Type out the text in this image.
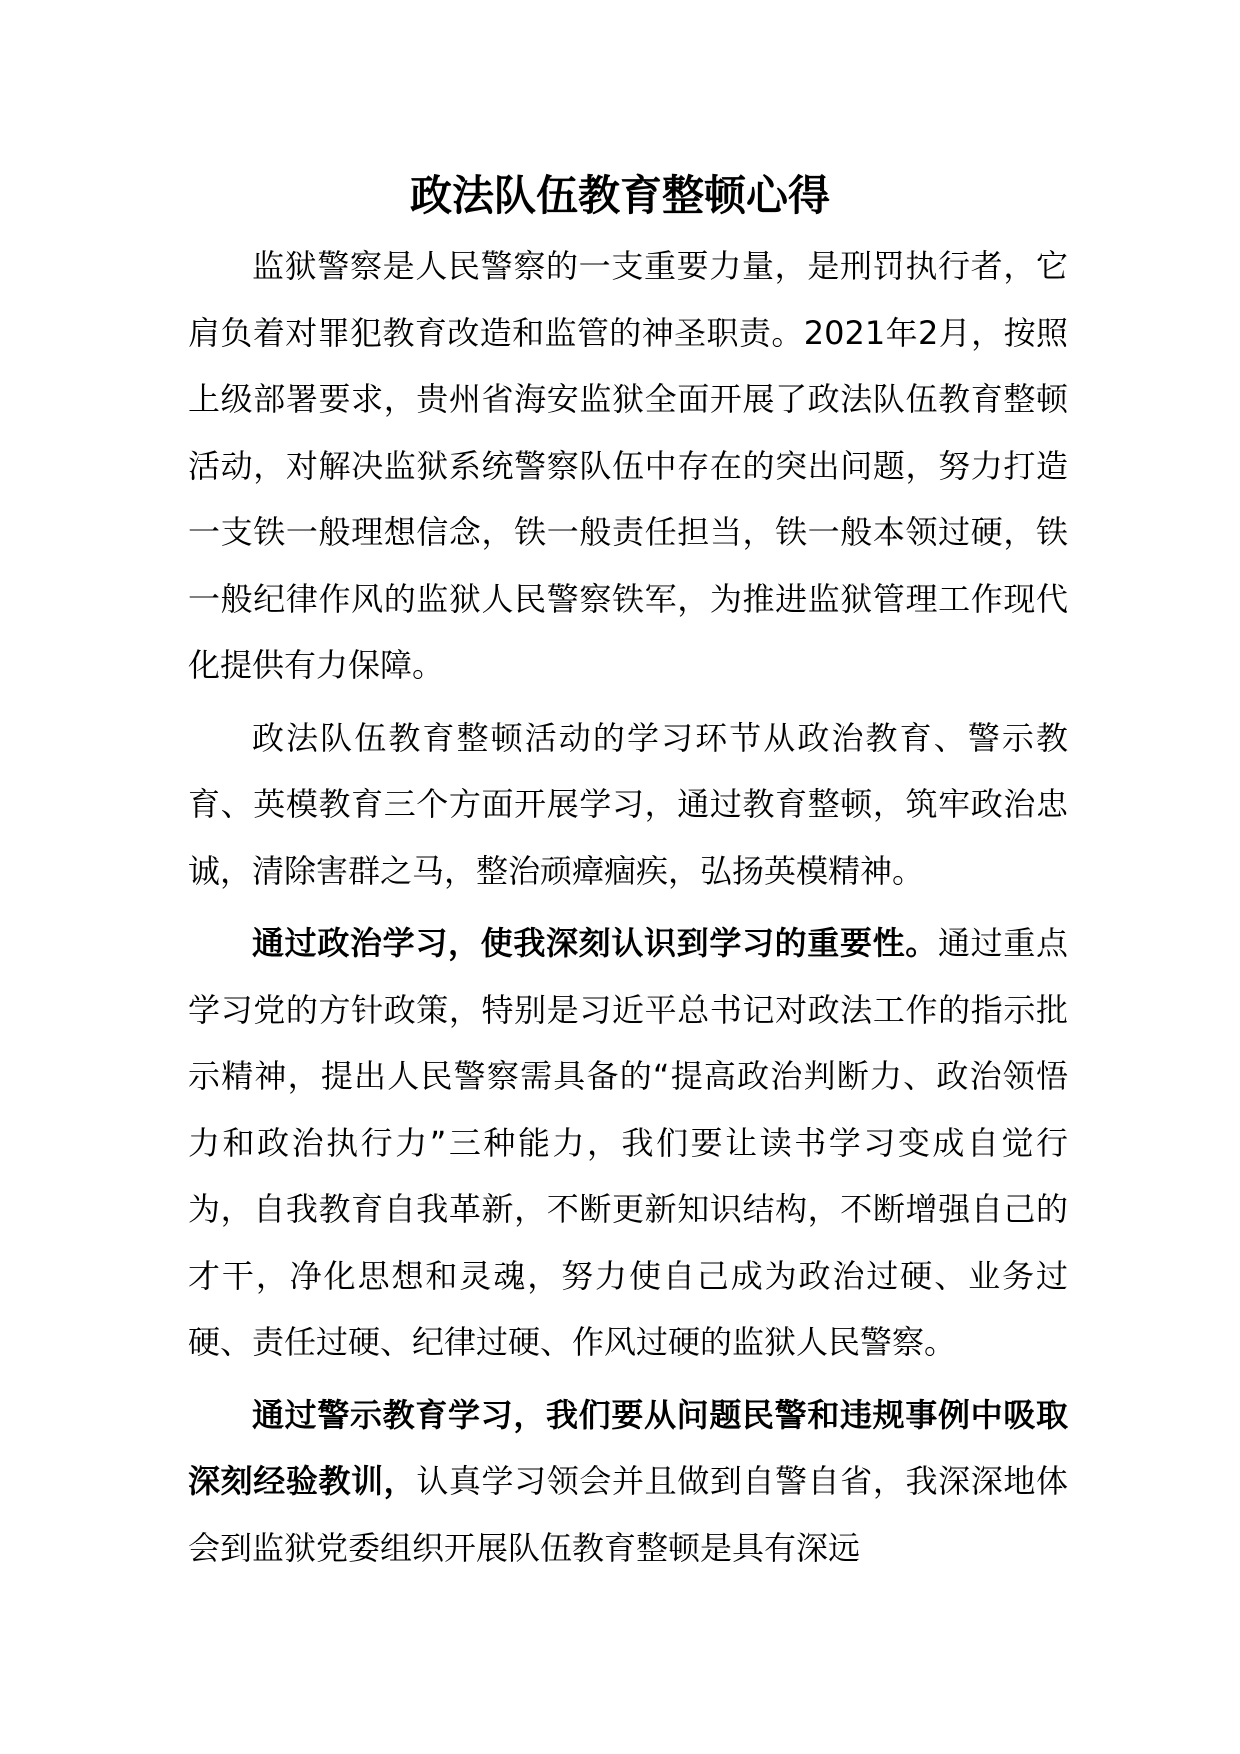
政法队伍教育整顿心得

监狱警察是人民警察的一支重要力量，是刑罚执行者，它肩负着对罪犯教育改造和监管的神圣职责。2021年2月，按照上级部署要求，贵州省海安监狱全面开展了政法队伍教育整顿活动，对解决监狱系统警察队伍中存在的突出问题，努力打造一支铁一般理想信念，铁一般责任担当，铁一般本领过硬，铁一般纪律作风的监狱人民警察铁军，为推进监狱管理工作现代化提供有力保障。

政法队伍教育整顿活动的学习环节从政治教育、警示教育、英模教育三个方面开展学习，通过教育整顿，筑牢政治忠诚，清除害群之马，整治顽瘴痼疾，弘扬英模精神。

通过政治学习，使我深刻认识到学习的重要性。通过重点学习党的方针政策，特别是习近平总书记对政法工作的指示批示精神，提出人民警察需具备的“提高政治判断力、政治领悟力和政治执行力”三种能力，我们要让读书学习变成自觉行为，自我教育自我革新，不断更新知识结构，不断增强自己的才干，净化思想和灵魂，努力使自己成为政治过硬、业务过硬、责任过硬、纪律过硬、作风过硬的监狱人民警察。

通过警示教育学习，我们要从问题民警和违规事例中吸取深刻经验教训，认真学习领会并且做到自警自省，我深深地体会到监狱党委组织开展队伍教育整顿是具有深远
